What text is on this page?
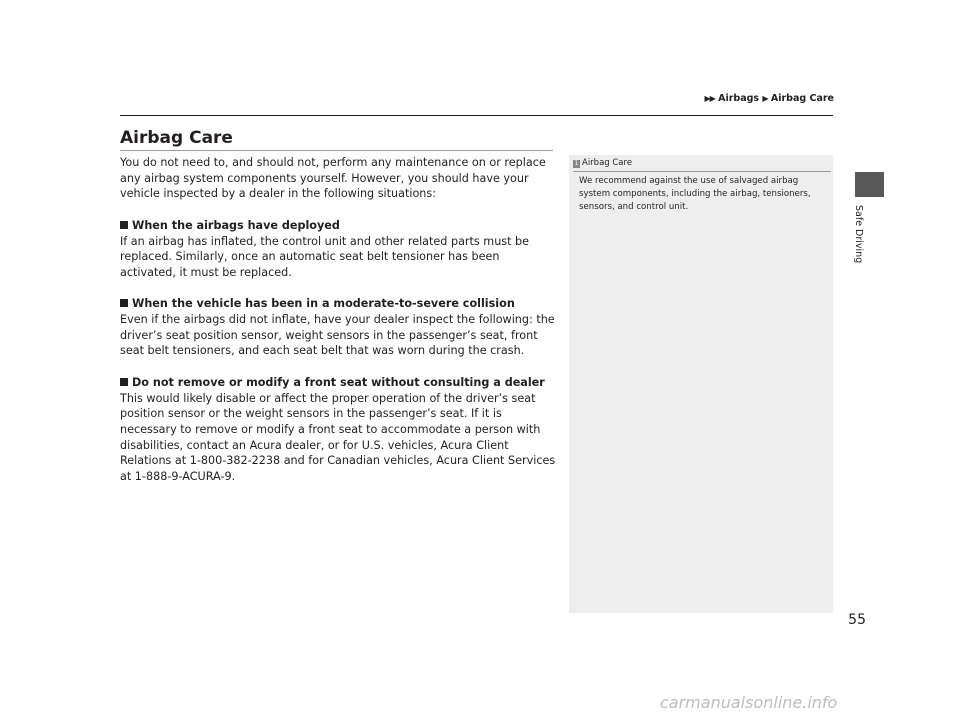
▶▶ Airbags ▶ Airbag Care
Airbag Care

You do not need to, and should not, perform any maintenance on or replace any airbag system components yourself. However, you should have your vehicle inspected by a dealer in the following situations:

When the airbags have deployed

If an airbag has inflated, the control unit and other related parts must be replaced. Similarly, once an automatic seat belt tensioner has been activated, it must be replaced.

When the vehicle has been in a moderate-to-severe collision

Even if the airbags did not inflate, have your dealer inspect the following: the driver’s seat position sensor, weight sensors in the passenger’s seat, front seat belt tensioners, and each seat belt that was worn during the crash.

Do not remove or modify a front seat without consulting a dealer

This would likely disable or affect the proper operation of the driver’s seat position sensor or the weight sensors in the passenger’s seat. If it is necessary to remove or modify a front seat to accommodate a person with disabilities, contact an Acura dealer, or for U.S. vehicles, Acura Client Relations at 1-800-382-2238 and for Canadian vehicles, Acura Client Services at 1-888-9-ACURA-9.

1 Airbag Care
We recommend against the use of salvaged airbag system components, including the airbag, tensioners, sensors, and control unit.	Safe Driving
55
carmanualsonline.info
